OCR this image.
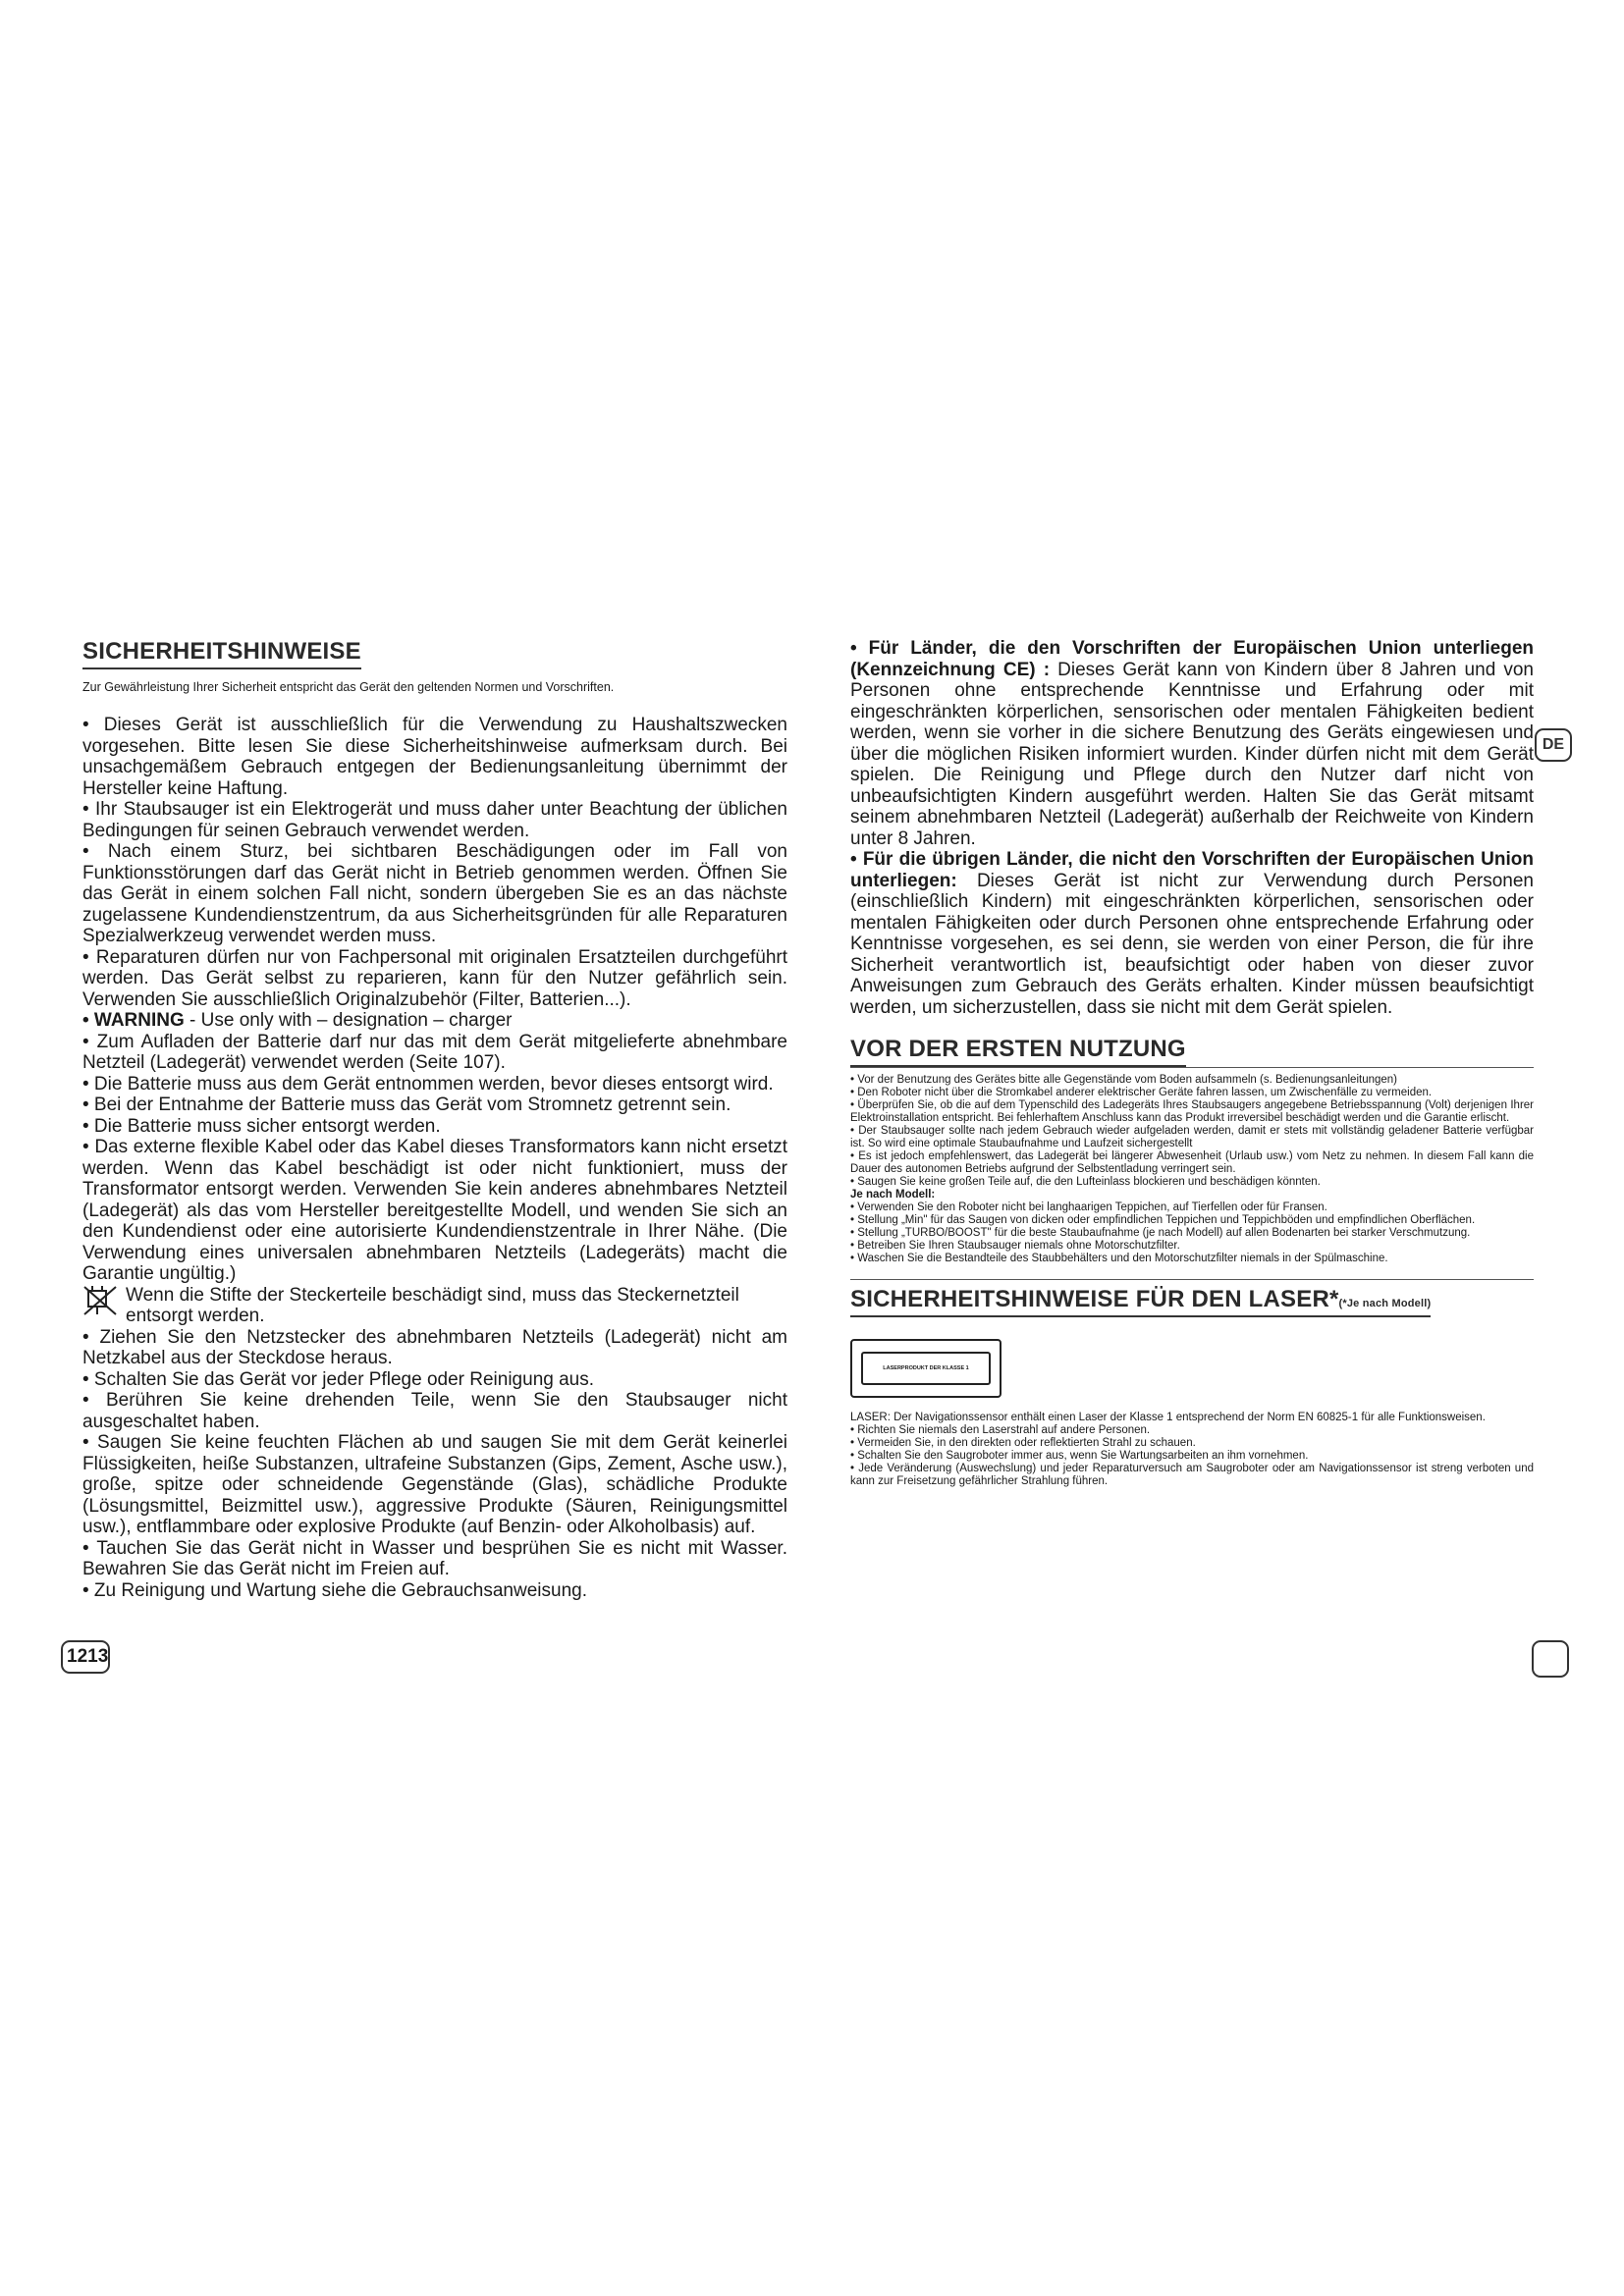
SICHERHEITSHINWEISE
Zur Gewährleistung Ihrer Sicherheit entspricht das Gerät den geltenden Normen und Vorschriften.

• Dieses Gerät ist ausschließlich für die Verwendung zu Haushaltszwecken vorgesehen. Bitte lesen Sie diese Sicherheitshinweise aufmerksam durch. Bei unsachgemäßem Gebrauch entgegen der Bedienungsanleitung übernimmt der Hersteller keine Haftung.

• Ihr Staubsauger ist ein Elektrogerät und muss daher unter Beachtung der üblichen Bedingungen für seinen Gebrauch verwendet werden.

• Nach einem Sturz, bei sichtbaren Beschädigungen oder im Fall von Funktionsstörungen darf das Gerät nicht in Betrieb genommen werden. Öffnen Sie das Gerät in einem solchen Fall nicht, sondern übergeben Sie es an das nächste zugelassene Kundendienstzentrum, da aus Sicherheitsgründen für alle Reparaturen Spezialwerkzeug verwendet werden muss.

• Reparaturen dürfen nur von Fachpersonal mit originalen Ersatzteilen durchgeführt werden. Das Gerät selbst zu reparieren, kann für den Nutzer gefährlich sein. Verwenden Sie ausschließlich Originalzubehör (Filter, Batterien...).

• WARNING - Use only with – designation – charger

• Zum Aufladen der Batterie darf nur das mit dem Gerät mitgelieferte abnehmbare Netzteil (Ladegerät) verwendet werden (Seite 107).

• Die Batterie muss aus dem Gerät entnommen werden, bevor dieses entsorgt wird.

• Bei der Entnahme der Batterie muss das Gerät vom Stromnetz getrennt sein.

• Die Batterie muss sicher entsorgt werden.

• Das externe flexible Kabel oder das Kabel dieses Transformators kann nicht ersetzt werden. Wenn das Kabel beschädigt ist oder nicht funktioniert, muss der Transformator entsorgt werden. Verwenden Sie kein anderes abnehmbares Netzteil (Ladegerät) als das vom Hersteller bereitgestellte Modell, und wenden Sie sich an den Kundendienst oder eine autorisierte Kundendienstzentrale in Ihrer Nähe. (Die Verwendung eines universalen abnehmbaren Netzteils (Ladegeräts) macht die Garantie ungültig.)

Wenn die Stifte der Steckerteile beschädigt sind, muss das Steckernetzteil entsorgt werden.

• Ziehen Sie den Netzstecker des abnehmbaren Netzteils (Ladegerät) nicht am Netzkabel aus der Steckdose heraus.

• Schalten Sie das Gerät vor jeder Pflege oder Reinigung aus.

• Berühren Sie keine drehenden Teile, wenn Sie den Staubsauger nicht ausgeschaltet haben.

• Saugen Sie keine feuchten Flächen ab und saugen Sie mit dem Gerät keinerlei Flüssigkeiten, heiße Substanzen, ultrafeine Substanzen (Gips, Zement, Asche usw.), große, spitze oder schneidende Gegenstände (Glas), schädliche Produkte (Lösungsmittel, Beizmittel usw.), aggressive Produkte (Säuren, Reinigungsmittel usw.), entflammbare oder explosive Produkte (auf Benzin- oder Alkoholbasis) auf.

• Tauchen Sie das Gerät nicht in Wasser und besprühen Sie es nicht mit Wasser. Bewahren Sie das Gerät nicht im Freien auf.

• Zu Reinigung und Wartung siehe die Gebrauchsanweisung.

• Für Länder, die den Vorschriften der Europäischen Union unterliegen (Kennzeichnung CE) : Dieses Gerät kann von Kindern über 8 Jahren und von Personen ohne entsprechende Kenntnisse und Erfahrung oder mit eingeschränkten körperlichen, sensorischen oder mentalen Fähigkeiten bedient werden, wenn sie vorher in die sichere Benutzung des Geräts eingewiesen und über die möglichen Risiken informiert wurden. Kinder dürfen nicht mit dem Gerät spielen. Die Reinigung und Pflege durch den Nutzer darf nicht von unbeaufsichtigten Kindern ausgeführt werden. Halten Sie das Gerät mitsamt seinem abnehmbaren Netzteil (Ladegerät) außerhalb der Reichweite von Kindern unter 8 Jahren.

• Für die übrigen Länder, die nicht den Vorschriften der Europäischen Union unterliegen: Dieses Gerät ist nicht zur Verwendung durch Personen (einschließlich Kindern) mit eingeschränkten körperlichen, sensorischen oder mentalen Fähigkeiten oder durch Personen ohne entsprechende Erfahrung oder Kenntnisse vorgesehen, es sei denn, sie werden von einer Person, die für ihre Sicherheit verantwortlich ist, beaufsichtigt oder haben von dieser zuvor Anweisungen zum Gebrauch des Geräts erhalten. Kinder müssen beaufsichtigt werden, um sicherzustellen, dass sie nicht mit dem Gerät spielen.

VOR DER ERSTEN NUTZUNG

• Vor der Benutzung des Gerätes bitte alle Gegenstände vom Boden aufsammeln (s. Bedienungsanleitungen)

• Den Roboter nicht über die Stromkabel anderer elektrischer Geräte fahren lassen, um Zwischenfälle zu vermeiden.

• Überprüfen Sie, ob die auf dem Typenschild des Ladegeräts Ihres Staubsaugers angegebene Betriebsspannung (Volt) derjenigen Ihrer Elektroinstallation entspricht. Bei fehlerhaftem Anschluss kann das Produkt irreversibel beschädigt werden und die Garantie erlischt.

• Der Staubsauger sollte nach jedem Gebrauch wieder aufgeladen werden, damit er stets mit vollständig geladener Batterie verfügbar ist. So wird eine optimale Staubaufnahme und Laufzeit sichergestellt

• Es ist jedoch empfehlenswert, das Ladegerät bei längerer Abwesenheit (Urlaub usw.) vom Netz zu nehmen. In diesem Fall kann die Dauer des autonomen Betriebs aufgrund der Selbstentladung verringert sein.

• Saugen Sie keine großen Teile auf, die den Lufteinlass blockieren und beschädigen könnten.

Je nach Modell:

• Verwenden Sie den Roboter nicht bei langhaarigen Teppichen, auf Tierfellen oder für Fransen.

• Stellung „Min" für das Saugen von dicken oder empfindlichen Teppichen und Teppichböden und empfindlichen Oberflächen.

• Stellung „TURBO/BOOST" für die beste Staubaufnahme (je nach Modell) auf allen Bodenarten bei starker Verschmutzung.

• Betreiben Sie Ihren Staubsauger niemals ohne Motorschutzfilter.

• Waschen Sie die Bestandteile des Staubbehälters und den Motorschutzfilter niemals in der Spülmaschine.

SICHERHEITSHINWEISE FÜR DEN LASER*(*Je nach Modell)
LASERPRODUKT DER KLASSE 1

LASER: Der Navigationssensor enthält einen Laser der Klasse 1 entsprechend der Norm EN 60825-1 für alle Funktionsweisen.

• Richten Sie niemals den Laserstrahl auf andere Personen.

• Vermeiden Sie, in den direkten oder reflektierten Strahl zu schauen.

• Schalten Sie den Saugroboter immer aus, wenn Sie Wartungsarbeiten an ihm vornehmen.

• Jede Veränderung (Auswechslung) und jeder Reparaturversuch am Saugroboter oder am Navigationssensor ist streng verboten und kann zur Freisetzung gefährlicher Strahlung führen.

DE
1213
